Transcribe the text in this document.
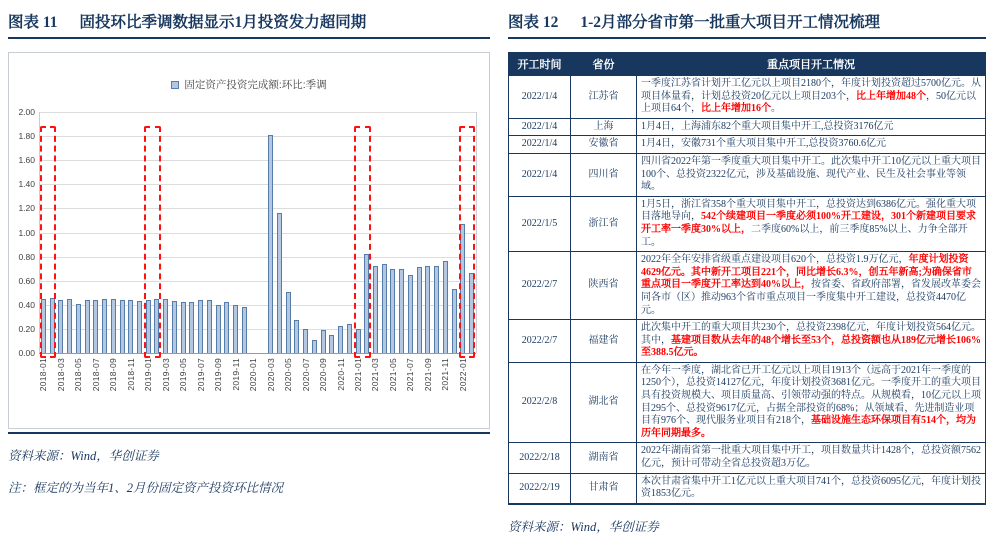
图表 11 固投环比季调数据显示1月投资发力超同期
固定资产投资完成额:环比:季调
0.00
0.20
0.40
0.60
0.80
1.00
1.20
1.40
1.60
1.80
2.00
2018-01 2018-03 2018-05 2018-07 2018-09 2018-11 2019-01 2019-03 2019-05 2019-07 2019-09 2019-11 2020-01 2020-03 2020-05 2020-07 2020-09 2020-11 2021-01 2021-03 2021-05 2021-07 2021-09 2021-11 2022-01
资料来源：Wind，华创证券
注：框定的为当年1、2月份固定资产投资环比情况
图表 12 1-2月部分省市第一批重大项目开工情况梳理
开工时间	省份	重点项目开工情况
2022/1/4	江苏省	一季度江苏省计划开工亿元以上项目2180个，年度计划投资超过5700亿元。从项目体量看，计划总投资20亿元以上项目203个，比上年增加48个，50亿元以上项目64个，比上年增加16个。
2022/1/4	上海	1月4日，上海浦东82个重大项目集中开工,总投资3176亿元
2022/1/4	安徽省	1月4日，安徽731个重大项目集中开工,总投资3760.6亿元
2022/1/4	四川省	四川省2022年第一季度重大项目集中开工。此次集中开工10亿元以上重大项目100个、总投资2322亿元，涉及基础设施、现代产业、民生及社会事业等领域。
2022/1/5	浙江省	1月5日，浙江省358个重大项目集中开工，总投资达到6386亿元。强化重大项目落地导向，542个续建项目一季度必须100%开工建设，301个新建项目要求开工率一季度30%以上，二季度60%以上，前三季度85%以上、力争全部开工。
2022/2/7	陕西省	2022年全年安排省级重点建设项目620个，总投资1.9万亿元，年度计划投资4629亿元。其中新开工项目221个，同比增长6.3%，创五年新高;为确保省市重点项目一季度开工率达到40%以上，按省委、省政府部署，省发展改革委会同各市（区）推动963个省市重点项目一季度集中开工建设，总投资4470亿元。
2022/2/7	福建省	此次集中开工的重大项目共230个，总投资2398亿元，年度计划投资564亿元。其中，基建项目数从去年的48个增长至53个，总投资额也从189亿元增长106%至388.5亿元。
2022/2/8	湖北省	在今年一季度，湖北省已开工亿元以上项目1913个（远高于2021年一季度的1250个），总投资14127亿元，年度计划投资3681亿元。一季度开工的重大项目具有投资规模大、项目质量高、引领带动强的特点。从规模看，10亿元以上项目295个、总投资9617亿元，占据全部投资的68%；从领域看，先进制造业项目有976个、现代服务业项目有218个，基础设施生态环保项目有514个，均为历年同期最多。
2022/2/18	湖南省	2022年湖南省第一批重大项目集中开工，项目数量共计1428个，总投资额7562亿元，预计可带动全省总投资超3万亿。
2022/2/19	甘肃省	本次甘肃省集中开工1亿元以上重大项目741个，总投资6095亿元，年度计划投资1853亿元。
资料来源：Wind，华创证券
